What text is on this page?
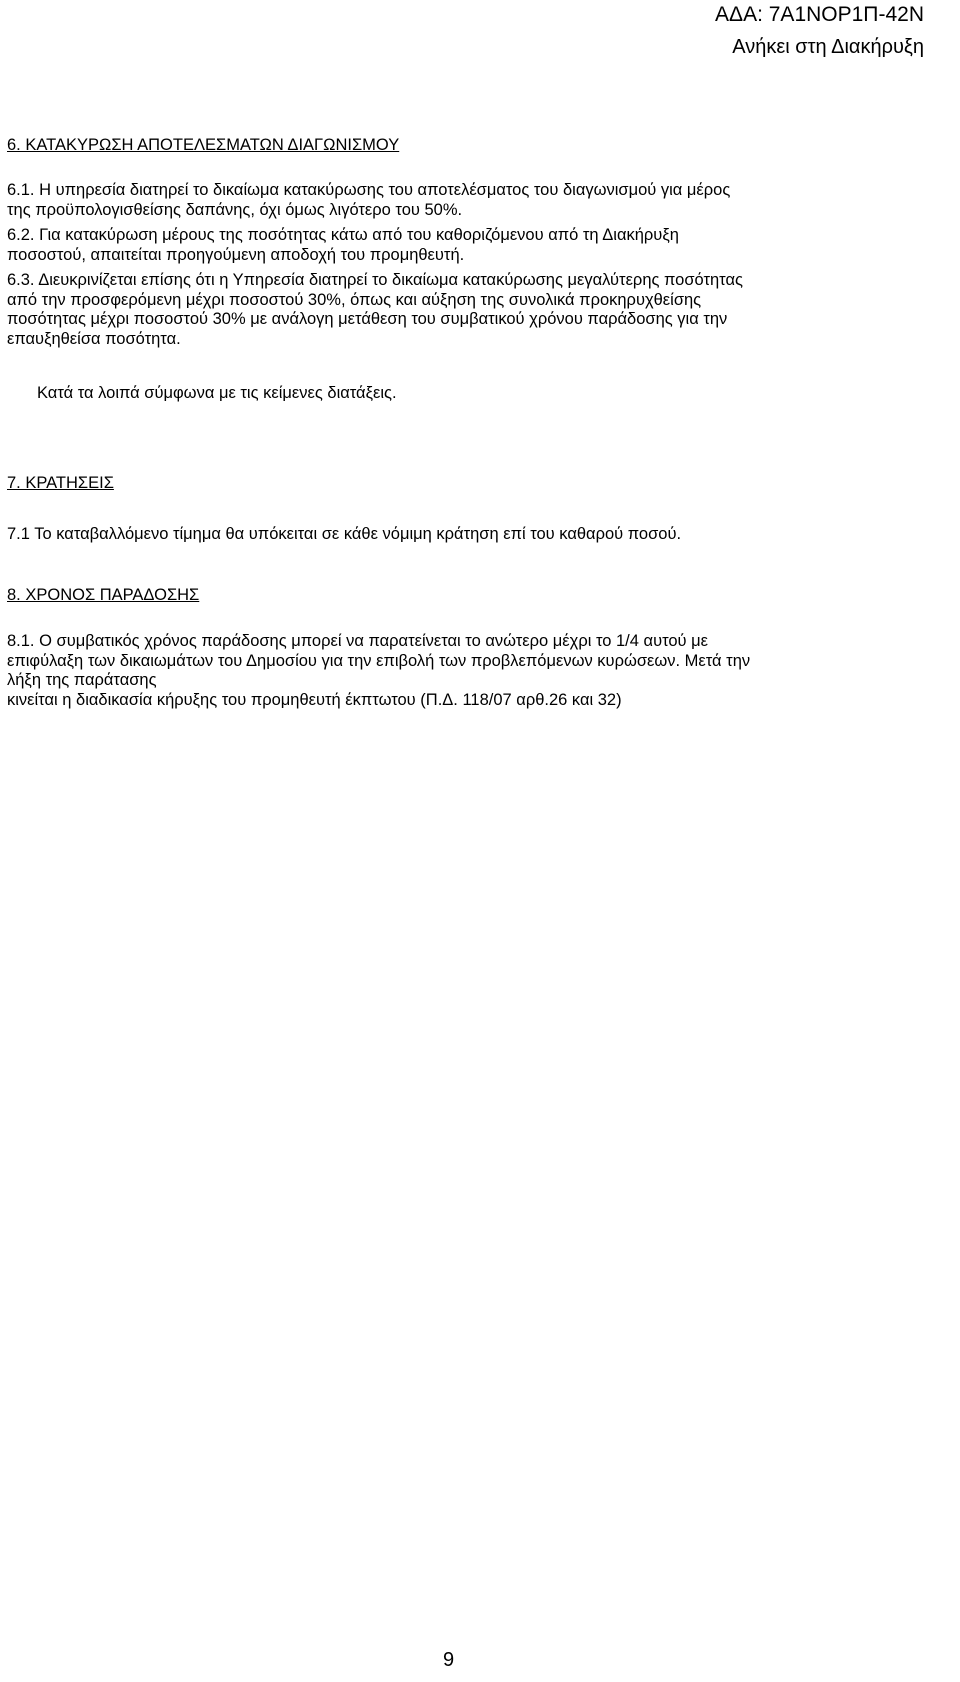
ΑΔΑ: 7Α1ΝΟΡ1Π-42Ν
Ανήκει στη Διακήρυξη
6. ΚΑΤΑΚΥΡΩΣΗ ΑΠΟΤΕΛΕΣΜΑΤΩΝ ΔΙΑΓΩΝΙΣΜΟΥ

6.1. Η υπηρεσία διατηρεί το δικαίωμα κατακύρωσης του αποτελέσματος του διαγωνισμού για μέρος

της προϋπολογισθείσης δαπάνης, όχι όμως λιγότερο του 50%.

6.2. Για κατακύρωση μέρους της ποσότητας κάτω από του καθοριζόμενου από τη Διακήρυξη

ποσοστού, απαιτείται προηγούμενη αποδοχή του προμηθευτή.

6.3. Διευκρινίζεται επίσης ότι η Υπηρεσία διατηρεί το δικαίωμα κατακύρωσης μεγαλύτερης ποσότητας

από την προσφερόμενη μέχρι ποσοστού 30%, όπως και αύξηση της συνολικά προκηρυχθείσης

ποσότητας μέχρι ποσοστού 30% με ανάλογη μετάθεση του συμβατικού χρόνου παράδοσης για την

επαυξηθείσα ποσότητα.

Κατά τα λοιπά σύμφωνα με τις κείμενες διατάξεις.
7. ΚΡΑΤΗΣΕΙΣ
7.1 Το καταβαλλόμενο τίμημα θα υπόκειται σε κάθε νόμιμη κράτηση επί του καθαρού ποσού.
8. ΧΡΟΝΟΣ ΠΑΡΑΔΟΣΗΣ

8.1. Ο συμβατικός χρόνος παράδοσης μπορεί να παρατείνεται το ανώτερο μέχρι το 1/4 αυτού με

επιφύλαξη των δικαιωμάτων του Δημοσίου για την επιβολή των προβλεπόμενων κυρώσεων. Μετά την

λήξη της παράτασης

κινείται η διαδικασία κήρυξης του προμηθευτή έκπτωτου (Π.Δ. 118/07 αρθ.26 και 32)

9
